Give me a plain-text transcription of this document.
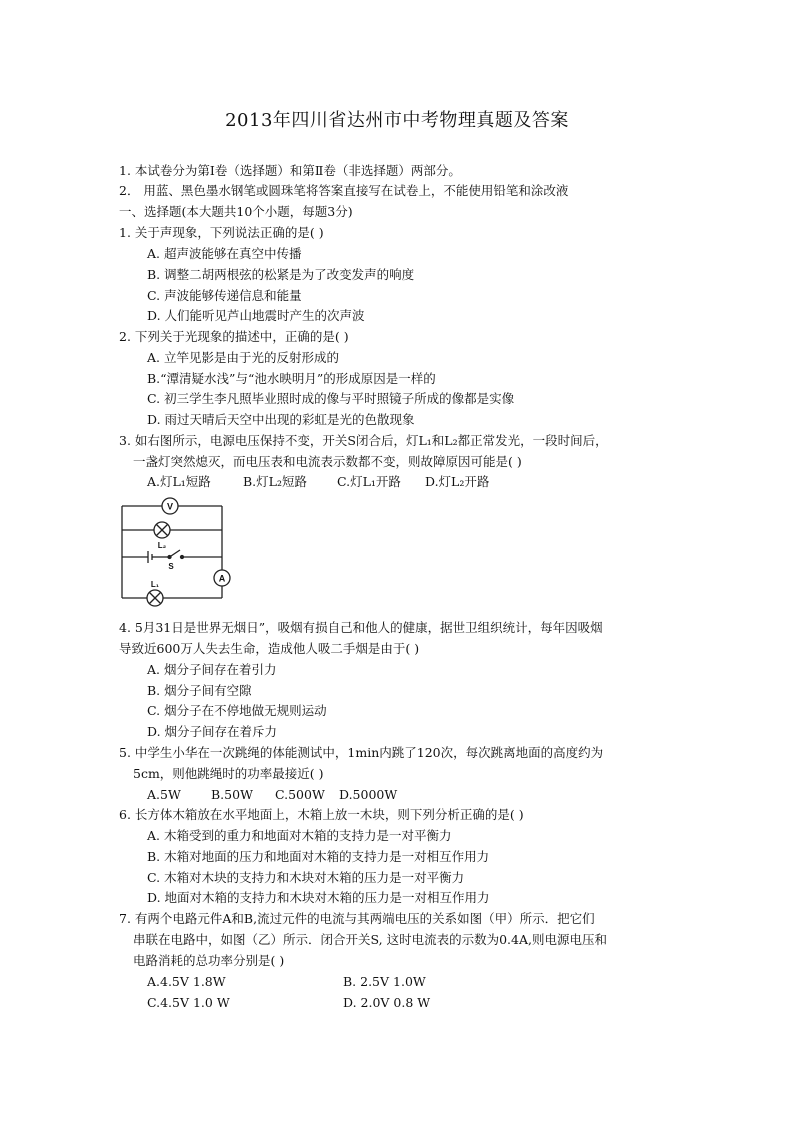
2013年四川省达州市中考物理真题及答案
1. 本试卷分为第Ⅰ卷（选择题）和第Ⅱ卷（非选择题）两部分。
2． 用蓝、黑色墨水钢笔或圆珠笔将答案直接写在试卷上，不能使用铅笔和涂改液
一、选择题(本大题共10个小题，每题3分)
1. 关于声现象，下列说法正确的是( )
A. 超声波能够在真空中传播
B. 调整二胡两根弦的松紧是为了改变发声的响度
C. 声波能够传递信息和能量
D. 人们能听见芦山地震时产生的次声波
2. 下列关于光现象的描述中，正确的是( )
A. 立竿见影是由于光的反射形成的
B.“潭清疑水浅”与“池水映明月”的形成原因是一样的
C. 初三学生李凡照毕业照时成的像与平时照镜子所成的像都是实像
D. 雨过天晴后天空中出现的彩虹是光的色散现象
3. 如右图所示，电源电压保持不变，开关S闭合后，灯L₁和L₂都正常发光，一段时间后，
一盏灯突然熄灭，而电压表和电流表示数都不变，则故障原因可能是( )
A.灯L₁短路	B.灯L₂短路 C.灯L₁开路 D.灯L₂开路
V
A
L₂
S
L₁
4. 5月31日是世界无烟日”，吸烟有损自己和他人的健康，据世卫组织统计，每年因吸烟
导致近600万人失去生命，造成他人吸二手烟是由于( )
A. 烟分子间存在着引力
B. 烟分子间有空隙
C. 烟分子在不停地做无规则运动
D. 烟分子间存在着斥力
5. 中学生小华在一次跳绳的体能测试中，1min内跳了120次，每次跳离地面的高度约为
5cm，则他跳绳时的功率最接近( )
A.5W B.50W C.500W D.5000W
6. 长方体木箱放在水平地面上，木箱上放一木块，则下列分析正确的是( )
A. 木箱受到的重力和地面对木箱的支持力是一对平衡力
B. 木箱对地面的压力和地面对木箱的支持力是一对相互作用力
C. 木箱对木块的支持力和木块对木箱的压力是一对平衡力
D. 地面对木箱的支持力和木块对木箱的压力是一对相互作用力
7. 有两个电路元件A和B,流过元件的电流与其两端电压的关系如图（甲）所示．把它们
串联在电路中，如图（乙）所示．闭合开关S, 这时电流表的示数为0.4A,则电源电压和
电路消耗的总功率分别是( )
A.4.5V 1.8W	B. 2.5V 1.0W
C.4.5V 1.0 W	D. 2.0V 0.8 W
